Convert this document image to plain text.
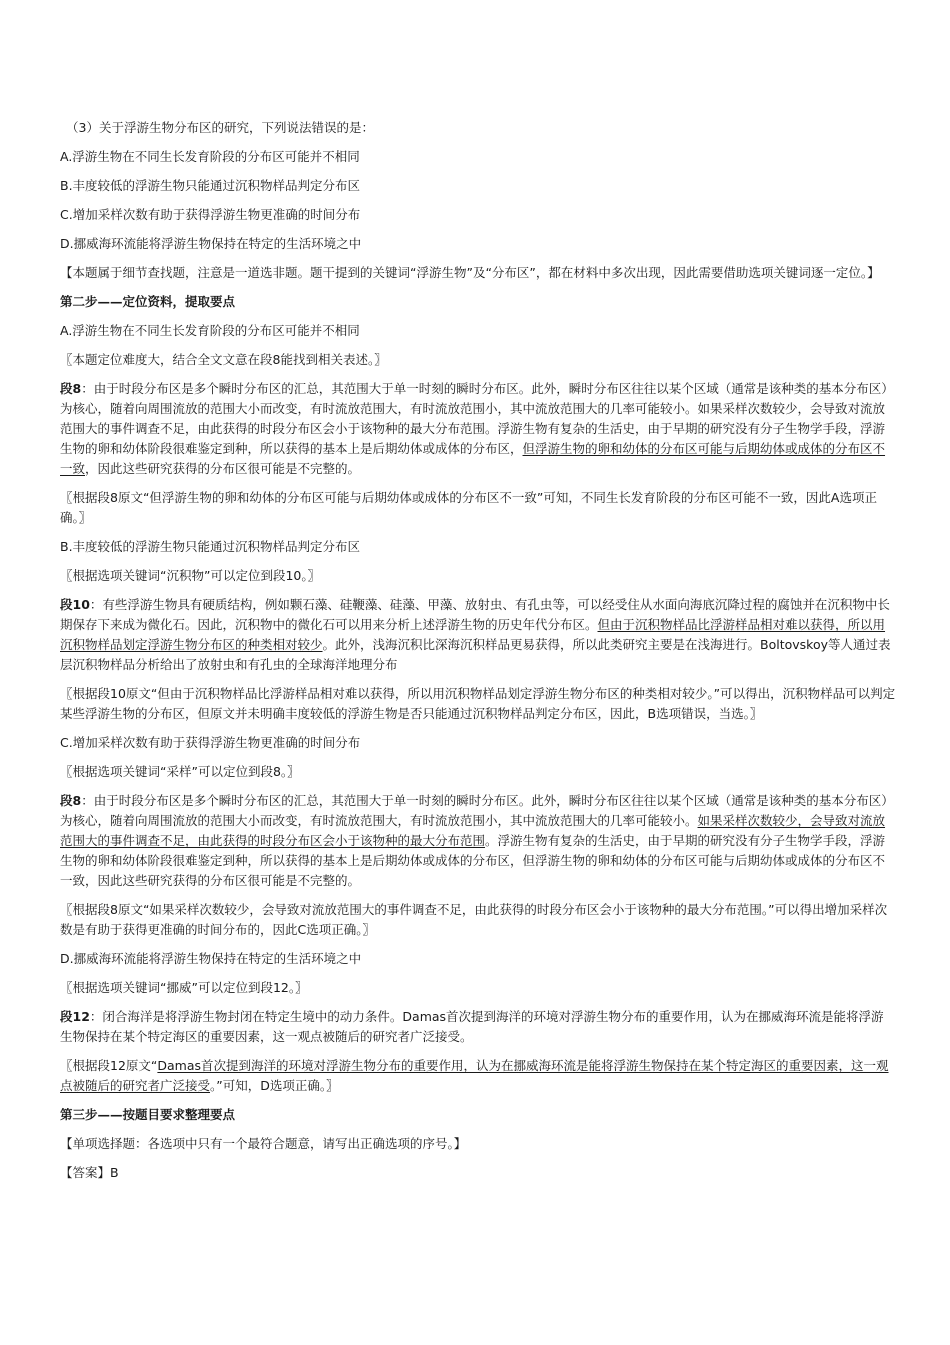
（3）关于浮游生物分布区的研究，下列说法错误的是：

A.浮游生物在不同生长发育阶段的分布区可能并不相同

B.丰度较低的浮游生物只能通过沉积物样品判定分布区

C.增加采样次数有助于获得浮游生物更准确的时间分布

D.挪威海环流能将浮游生物保持在特定的生活环境之中

【本题属于细节查找题，注意是一道选非题。题干提到的关键词“浮游生物”及“分布区”，都在材料中多次出现，因此需要借助选项关键词逐一定位。】

第二步——定位资料，提取要点

A.浮游生物在不同生长发育阶段的分布区可能并不相同

〖本题定位难度大，结合全文文意在段8能找到相关表述。〗

段8：由于时段分布区是多个瞬时分布区的汇总，其范围大于单一时刻的瞬时分布区。此外，瞬时分布区往往以某个区域（通常是该种类的基本分布区）为核心，随着向周围流放的范围大小而改变，有时流放范围大，有时流放范围小，其中流放范围大的几率可能较小。如果采样次数较少，会导致对流放范围大的事件调查不足，由此获得的时段分布区会小于该物种的最大分布范围。浮游生物有复杂的生活史，由于早期的研究没有分子生物学手段，浮游生物的卵和幼体阶段很难鉴定到种，所以获得的基本上是后期幼体或成体的分布区，但浮游生物的卵和幼体的分布区可能与后期幼体或成体的分布区不一致，因此这些研究获得的分布区很可能是不完整的。

〖根据段8原文“但浮游生物的卵和幼体的分布区可能与后期幼体或成体的分布区不一致”可知，不同生长发育阶段的分布区可能不一致，因此A选项正确。〗

B.丰度较低的浮游生物只能通过沉积物样品判定分布区

〖根据选项关键词“沉积物”可以定位到段10。〗

段10：有些浮游生物具有硬质结构，例如颗石藻、硅鞭藻、硅藻、甲藻、放射虫、有孔虫等，可以经受住从水面向海底沉降过程的腐蚀并在沉积物中长期保存下来成为微化石。因此，沉积物中的微化石可以用来分析上述浮游生物的历史年代分布区。但由于沉积物样品比浮游样品相对难以获得，所以用沉积物样品划定浮游生物分布区的种类相对较少。此外，浅海沉积比深海沉积样品更易获得，所以此类研究主要是在浅海进行。Boltovskoy等人通过表层沉积物样品分析给出了放射虫和有孔虫的全球海洋地理分布

〖根据段10原文“但由于沉积物样品比浮游样品相对难以获得，所以用沉积物样品划定浮游生物分布区的种类相对较少。”可以得出，沉积物样品可以判定某些浮游生物的分布区，但原文并未明确丰度较低的浮游生物是否只能通过沉积物样品判定分布区，因此，B选项错误，当选。〗

C.增加采样次数有助于获得浮游生物更准确的时间分布

〖根据选项关键词“采样”可以定位到段8。〗

段8：由于时段分布区是多个瞬时分布区的汇总，其范围大于单一时刻的瞬时分布区。此外，瞬时分布区往往以某个区域（通常是该种类的基本分布区）为核心，随着向周围流放的范围大小而改变，有时流放范围大，有时流放范围小，其中流放范围大的几率可能较小。如果采样次数较少，会导致对流放范围大的事件调查不足，由此获得的时段分布区会小于该物种的最大分布范围。浮游生物有复杂的生活史，由于早期的研究没有分子生物学手段，浮游生物的卵和幼体阶段很难鉴定到种，所以获得的基本上是后期幼体或成体的分布区，但浮游生物的卵和幼体的分布区可能与后期幼体或成体的分布区不一致，因此这些研究获得的分布区很可能是不完整的。

〖根据段8原文“如果采样次数较少，会导致对流放范围大的事件调查不足，由此获得的时段分布区会小于该物种的最大分布范围。”可以得出增加采样次数是有助于获得更准确的时间分布的，因此C选项正确。〗

D.挪威海环流能将浮游生物保持在特定的生活环境之中

〖根据选项关键词“挪威”可以定位到段12。〗

段12：闭合海洋是将浮游生物封闭在特定生境中的动力条件。Damas首次提到海洋的环境对浮游生物分布的重要作用，认为在挪威海环流是能将浮游生物保持在某个特定海区的重要因素，这一观点被随后的研究者广泛接受。

〖根据段12原文“Damas首次提到海洋的环境对浮游生物分布的重要作用，认为在挪威海环流是能将浮游生物保持在某个特定海区的重要因素，这一观点被随后的研究者广泛接受。”可知，D选项正确。〗

第三步——按题目要求整理要点

【单项选择题：各选项中只有一个最符合题意，请写出正确选项的序号。】

【答案】B
